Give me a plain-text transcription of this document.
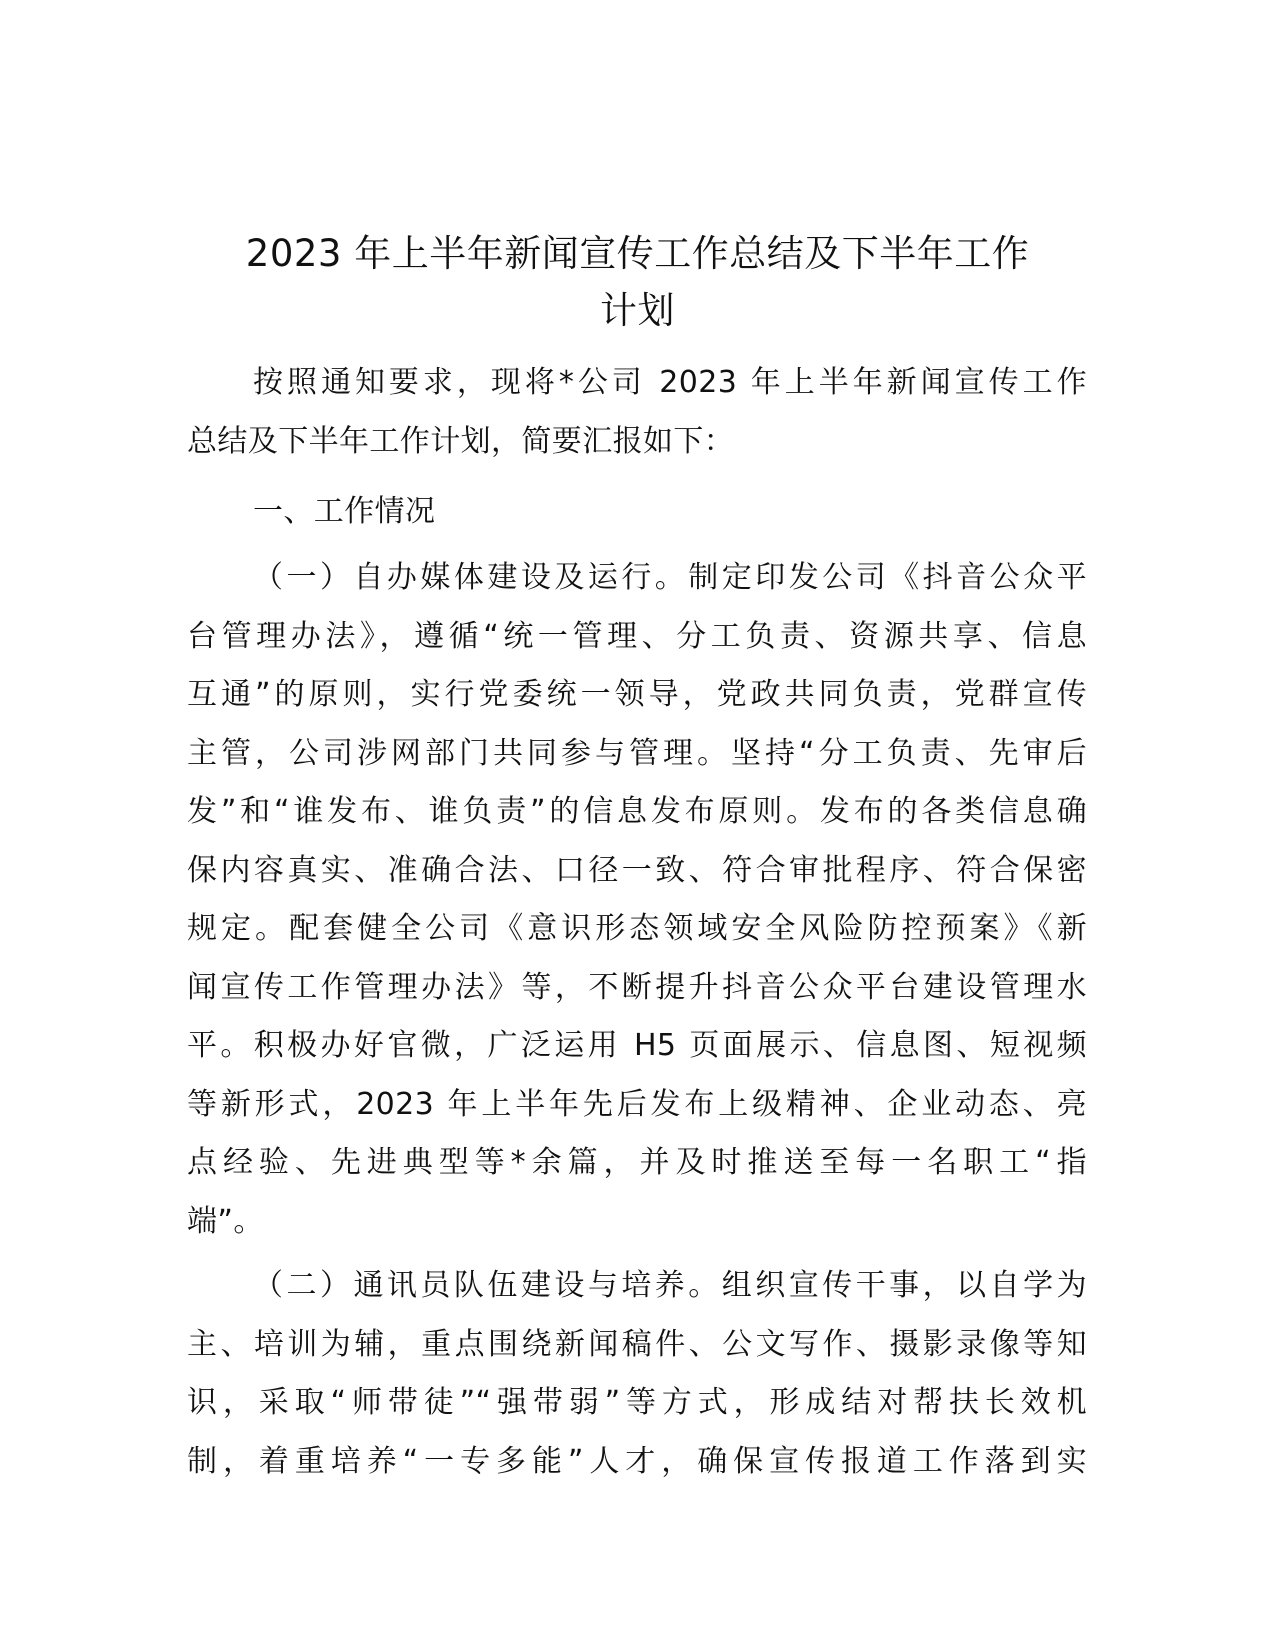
2023 年上半年新闻宣传工作总结及下半年工作
计划
按照通知要求，现将*公司 2023 年上半年新闻宣传工作
总结及下半年工作计划，简要汇报如下：
一、工作情况
（一）自办媒体建设及运行。制定印发公司《抖音公众平
台管理办法》，遵循“统一管理、分工负责、资源共享、信息
互通”的原则，实行党委统一领导，党政共同负责，党群宣传
主管，公司涉网部门共同参与管理。坚持“分工负责、先审后
发”和“谁发布、谁负责”的信息发布原则。发布的各类信息确
保内容真实、准确合法、口径一致、符合审批程序、符合保密
规定。配套健全公司《意识形态领域安全风险防控预案》《新
闻宣传工作管理办法》等，不断提升抖音公众平台建设管理水
平。积极办好官微，广泛运用 H5 页面展示、信息图、短视频
等新形式，2023 年上半年先后发布上级精神、企业动态、亮
点经验、先进典型等*余篇，并及时推送至每一名职工“指
端”。
（二）通讯员队伍建设与培养。组织宣传干事，以自学为
主、培训为辅，重点围绕新闻稿件、公文写作、摄影录像等知
识，采取“师带徒”“强带弱”等方式，形成结对帮扶长效机
制，着重培养“一专多能”人才，确保宣传报道工作落到实
